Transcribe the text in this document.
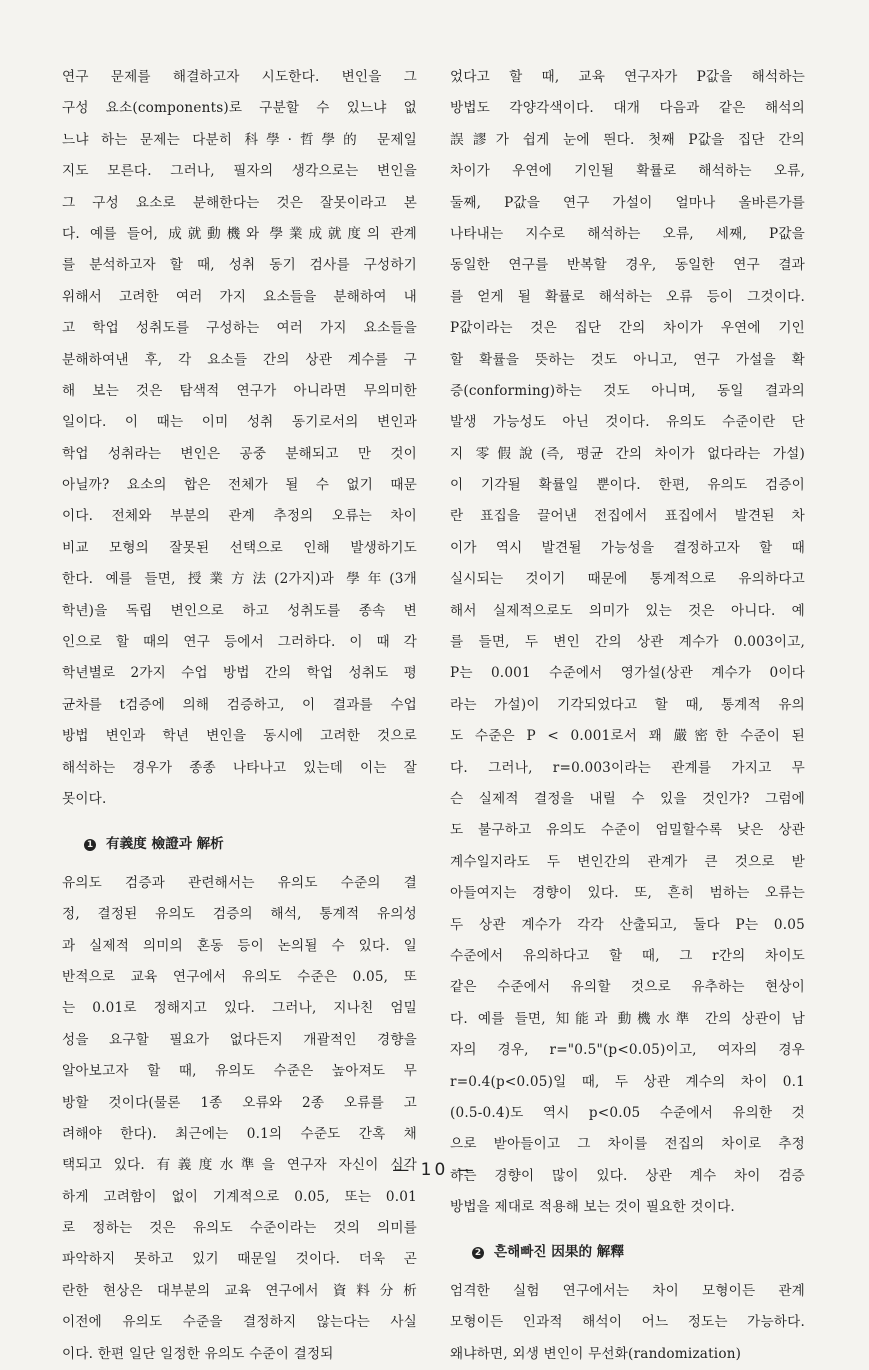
연구 문제를 해결하고자 시도한다. 변인을 그
구성 요소(components)로 구분할 수 있느냐 없
느냐 하는 문제는 다분히 科學·哲學的 문제일
지도 모른다. 그러나, 필자의 생각으로는 변인을
그 구성 요소로 분해한다는 것은 잘못이라고 본
다. 예를 들어, 成就動機와 學業成就度의 관계
를 분석하고자 할 때, 성취 동기 검사를 구성하기
위해서 고려한 여러 가지 요소들을 분해하여 내
고 학업 성취도를 구성하는 여러 가지 요소들을
분해하여낸 후, 각 요소들 간의 상관 계수를 구
해 보는 것은 탐색적 연구가 아니라면 무의미한
일이다. 이 때는 이미 성취 동기로서의 변인과
학업 성취라는 변인은 공중 분해되고 만 것이
아닐까? 요소의 합은 전체가 될 수 없기 때문
이다. 전체와 부분의 관계 추정의 오류는 차이
비교 모형의 잘못된 선택으로 인해 발생하기도
한다. 예를 들면, 授業方法(2가지)과 學年(3개
학년)을 독립 변인으로 하고 성취도를 종속 변
인으로 할 때의 연구 등에서 그러하다. 이 때 각
학년별로 2가지 수업 방법 간의 학업 성취도 평
균차를 t검증에 의해 검증하고, 이 결과를 수업
방법 변인과 학년 변인을 동시에 고려한 것으로
해석하는 경우가 종종 나타나고 있는데 이는 잘
못이다.
1 有義度 檢證과 解析
유의도 검증과 관련해서는 유의도 수준의 결
정, 결정된 유의도 검증의 해석, 통계적 유의성
과 실제적 의미의 혼동 등이 논의될 수 있다. 일
반적으로 교육 연구에서 유의도 수준은 0.05, 또
는 0.01로 정해지고 있다. 그러나, 지나친 엄밀
성을 요구할 필요가 없다든지 개괄적인 경향을
알아보고자 할 때, 유의도 수준은 높아져도 무
방할 것이다(물론 1종 오류와 2종 오류를 고
려해야 한다). 최근에는 0.1의 수준도 간혹 채
택되고 있다. 有義度水準을 연구자 자신이 심각
하게 고려함이 없이 기계적으로 0.05, 또는 0.01
로 정하는 것은 유의도 수준이라는 것의 의미를
파악하지 못하고 있기 때문일 것이다. 더욱 곤
란한 현상은 대부분의 교육 연구에서 資料分析
이전에 유의도 수준을 결정하지 않는다는 사실
이다. 한편 일단 일정한 유의도 수준이 결정되
었다고 할 때, 교육 연구자가 P값을 해석하는
방법도 각양각색이다. 대개 다음과 같은 해석의
誤謬가 쉽게 눈에 띈다. 첫째 P값을 집단 간의
차이가 우연에 기인될 확률로 해석하는 오류,
둘째, P값을 연구 가설이 얼마나 올바른가를
나타내는 지수로 해석하는 오류, 세째, P값을
동일한 연구를 반복할 경우, 동일한 연구 결과
를 얻게 될 확률로 해석하는 오류 등이 그것이다.
P값이라는 것은 집단 간의 차이가 우연에 기인
할 확률을 뜻하는 것도 아니고, 연구 가설을 확
증(conforming)하는 것도 아니며, 동일 결과의
발생 가능성도 아닌 것이다. 유의도 수준이란 단
지 零假說(즉, 평균 간의 차이가 없다라는 가설)
이 기각될 확률일 뿐이다. 한편, 유의도 검증이
란 표집을 끌어낸 전집에서 표집에서 발견된 차
이가 역시 발견될 가능성을 결정하고자 할 때
실시되는 것이기 때문에 통계적으로 유의하다고
해서 실제적으로도 의미가 있는 것은 아니다. 예
를 들면, 두 변인 간의 상관 계수가 0.003이고,
P는 0.001 수준에서 영가설(상관 계수가 0이다
라는 가설)이 기각되었다고 할 때, 통계적 유의
도 수준은 P < 0.001로서 꽤 嚴密한 수준이 된
다. 그러나, r=0.003이라는 관계를 가지고 무
슨 실제적 결정을 내릴 수 있을 것인가? 그럼에
도 불구하고 유의도 수준이 엄밀할수록 낮은 상관
계수일지라도 두 변인간의 관계가 큰 것으로 받
아들여지는 경향이 있다. 또, 흔히 범하는 오류는
두 상관 계수가 각각 산출되고, 둘다 P는 0.05
수준에서 유의하다고 할 때, 그 r간의 차이도
같은 수준에서 유의할 것으로 유추하는 현상이
다. 예를 들면, 知能과 動機水準 간의 상관이 남
자의 경우, r="0.5"(p<0.05)이고, 여자의 경우
r=0.4(p<0.05)일 때, 두 상관 계수의 차이 0.1
(0.5-0.4)도 역시 p<0.05 수준에서 유의한 것
으로 받아들이고 그 차이를 전집의 차이로 추정
하는 경향이 많이 있다. 상관 계수 차이 검증
방법을 제대로 적용해 보는 것이 필요한 것이다.
2 흔해빠진 因果的 解釋
엄격한 실험 연구에서는 차이 모형이든 관계
모형이든 인과적 해석이 어느 정도는 가능하다.
왜냐하면, 외생 변인이 무선화(randomization)
— 10 —
